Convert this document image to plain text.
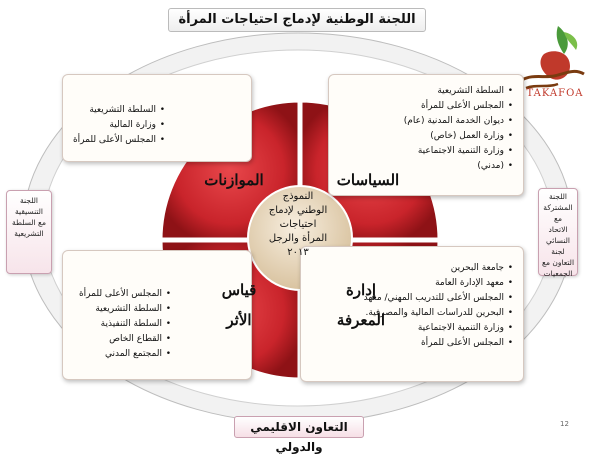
اللجنة الوطنية لإدماج احتياجات المرأة
TAKAFOA
• السلطة التشريعية
• المجلس الأعلى للمرأة
• ديوان الخدمة المدنية (عام)
• وزارة العمل (خاص)
• وزارة التنمية الاجتماعية
• (مدني)
• السلطة التشريعية
• وزارة المالية
• المجلس الأعلى للمرأة
• جامعة البحرين
• معهد الإدارة العامة
• المجلس الأعلى للتدريب المهني/ معهد
• البحرين للدراسات المالية والمصرفية.
• وزارة التنمية الاجتماعية
• المجلس الأعلى للمرأة
• المجلس الأعلى للمرأة
• السلطة التشريعية
• السلطة التنفيذية
• القطاع الخاص
• المجتمع المدني
السياسات
الموازنات
إدارة
المعرفة
قياس
الأثر
النموذج
الوطني لإدماج
احتياجات
المرأة والرجل
٢٠١٣
اللجنة
التنسيقية
مع السلطة
التشريعية
اللجنة
المشتركة مع
الاتحاد
النسائي
لجنة
التعاون مع
الجمعيات
التعاون الاقليمي والدولي
12
